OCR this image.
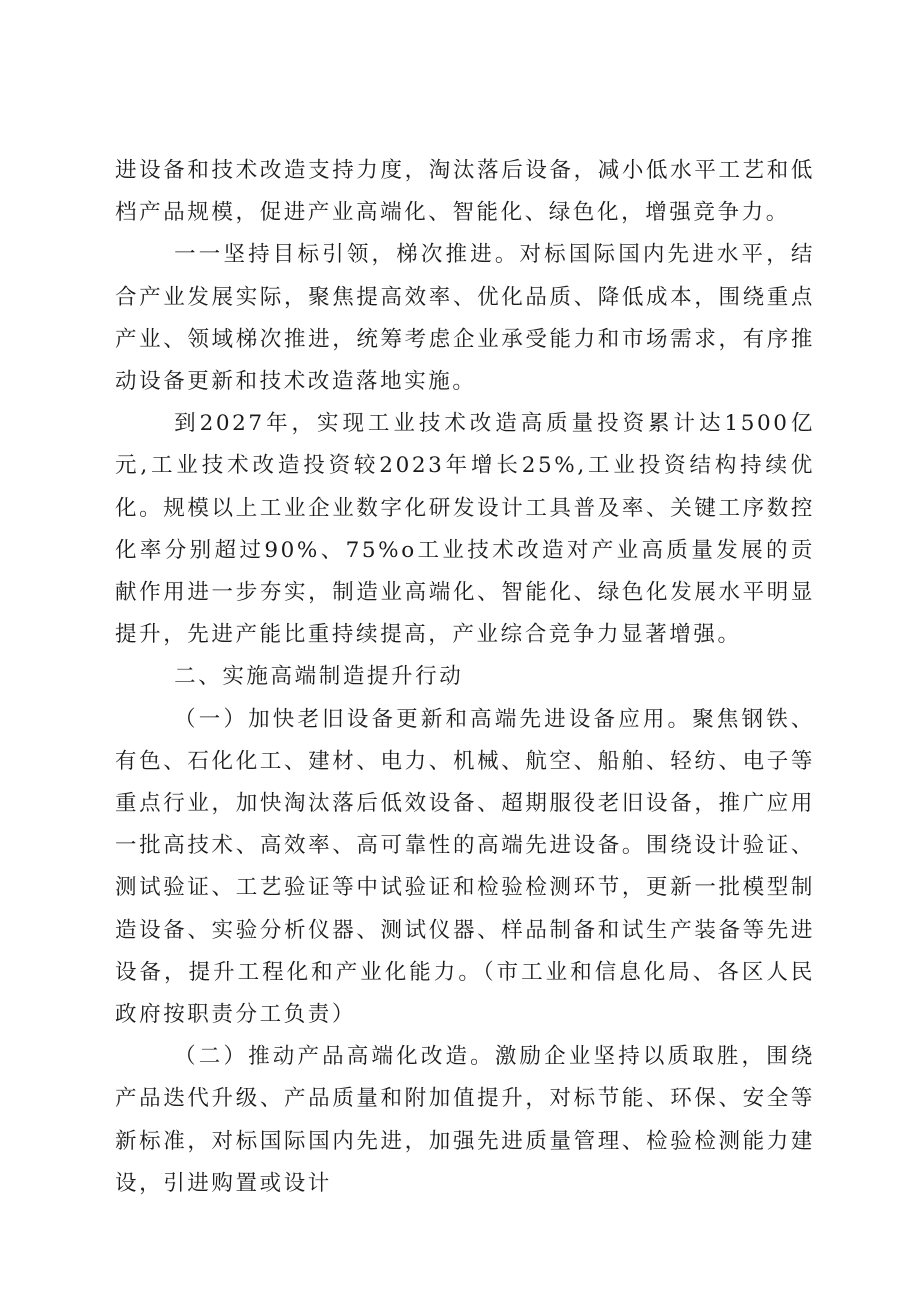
进设备和技术改造支持力度，淘汰落后设备，减小低水平工艺和低档产品规模，促进产业高端化、智能化、绿色化，增强竞争力。

一一坚持目标引领，梯次推进。对标国际国内先进水平，结合产业发展实际，聚焦提高效率、优化品质、降低成本，围绕重点产业、领域梯次推进，统筹考虑企业承受能力和市场需求，有序推动设备更新和技术改造落地实施。

到2027年，实现工业技术改造高质量投资累计达1500亿元,工业技术改造投资较2023年增长25%,工业投资结构持续优化。规模以上工业企业数字化研发设计工具普及率、关键工序数控化率分别超过90%、75%o工业技术改造对产业高质量发展的贡献作用进一步夯实，制造业高端化、智能化、绿色化发展水平明显提升，先进产能比重持续提高，产业综合竞争力显著增强。

二、实施高端制造提升行动

（一）加快老旧设备更新和高端先进设备应用。聚焦钢铁、有色、石化化工、建材、电力、机械、航空、船舶、轻纺、电子等重点行业，加快淘汰落后低效设备、超期服役老旧设备，推广应用一批高技术、高效率、高可靠性的高端先进设备。围绕设计验证、测试验证、工艺验证等中试验证和检验检测环节，更新一批模型制造设备、实验分析仪器、测试仪器、样品制备和试生产装备等先进设备，提升工程化和产业化能力。（市工业和信息化局、各区人民政府按职责分工负责）

（二）推动产品高端化改造。激励企业坚持以质取胜，围绕产品迭代升级、产品质量和附加值提升，对标节能、环保、安全等新标准，对标国际国内先进，加强先进质量管理、检验检测能力建设，引进购置或设计
